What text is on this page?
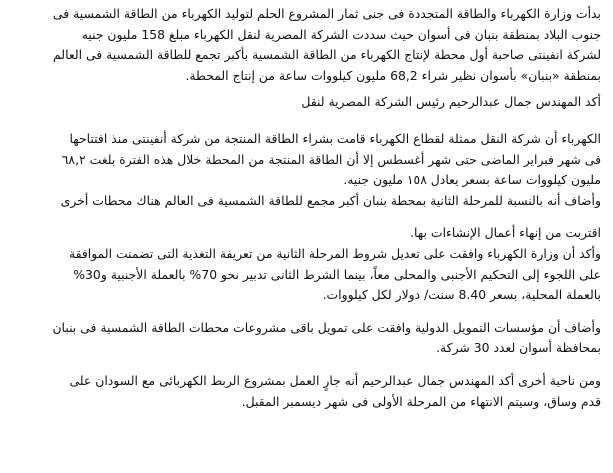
بدأت وزارة الكهرباء والطاقة المتجددة فى جنى ثمار المشروع الحلم لتوليد الكهرباء من الطاقة الشمسية فى
جنوب البلاد بمنطقة بنبان فى أسوان حيث سددت الشركة المصرية لنقل الكهرباء مبلغ 158 مليون جنيه
لشركة انفينتى صاحبة أول محطة لإنتاج الكهرباء من الطاقة الشمسية بأكبر تجمع للطاقة الشمسية فى العالم
بمنطقة «بنبان» بأسوان نظير شراء 68,2 مليون كيلووات ساعة من إنتاج المحطة.
أكد المهندس جمال عبدالرحيم رئيس الشركة المصرية لنقل
الكهرباء أن شركة النقل ممثلة لقطاع الكهرباء قامت بشراء الطاقة المنتجة من شركة أنفينتى منذ افتتاحها
فى شهر فبراير الماضى حتى شهر أغسطس إلا أن الطاقة المنتجة من المحطة خلال هذه الفترة بلغت ٦٨,٢
مليون كيلووات ساعة بسعر يعادل ١٥٨ مليون جنيه.
وأضاف أنه بالنسبة للمرحلة الثانية بمحطة بنبان أكبر مجمع للطاقة الشمسية فى العالم هناك محطات أخرى
اقتربت من إنهاء أعمال الإنشاءات بها.
وأكد أن وزارة الكهرباء وافقت على تعديل شروط المرحلة الثانية من تعريفة التغذية التى تضمنت الموافقة
على اللجوء إلى التحكيم الأجنبى والمحلى معاً، بينما الشرط الثانى تدبير نحو 70% بالعملة الأجنبية و30%
بالعملة المحلية، بسعر 8.40 سنت/ دولار لكل كيلووات.
وأضاف أن مؤسسات التمويل الدولية وافقت على تمويل باقى مشروعات محطات الطاقة الشمسية فى بنبان
بمحافظة أسوان لعدد 30 شركة.
ومن ناحية أخرى أكد المهندس جمال عبدالرحيم أنه جارٍ العمل بمشروع الربط الكهربائى مع السودان على
قدم وساق، وسيتم الانتهاء من المرحلة الأولى فى شهر ديسمبر المقبل.
